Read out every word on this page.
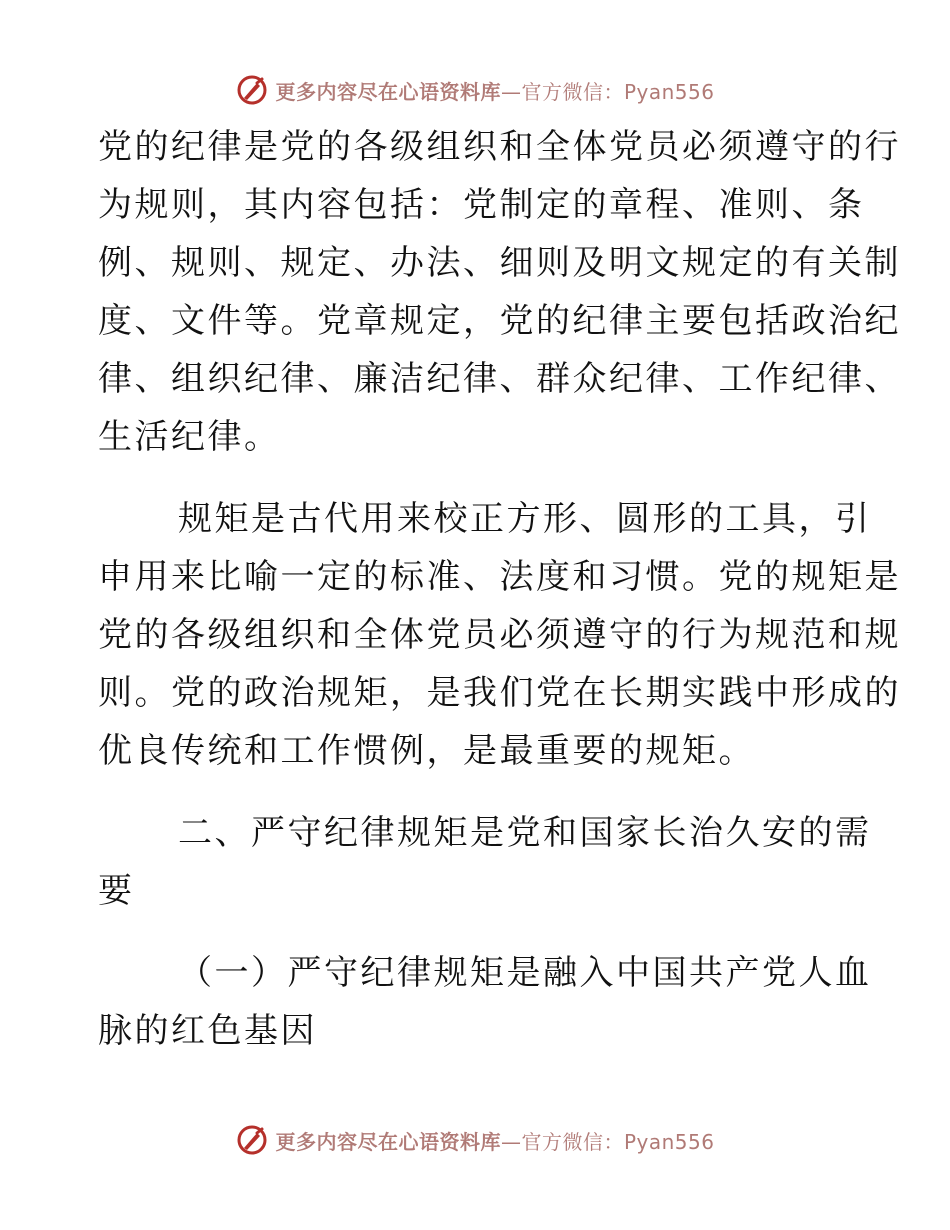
更多内容尽在心语资料库—官方微信：Pyan556
党的纪律是党的各级组织和全体党员必须遵守的行
为规则，其内容包括：党制定的章程、准则、条
例、规则、规定、办法、细则及明文规定的有关制
度、文件等。党章规定，党的纪律主要包括政治纪
律、组织纪律、廉洁纪律、群众纪律、工作纪律、
生活纪律。
规矩是古代用来校正方形、圆形的工具，引
申用来比喻一定的标准、法度和习惯。党的规矩是
党的各级组织和全体党员必须遵守的行为规范和规
则。党的政治规矩，是我们党在长期实践中形成的
优良传统和工作惯例，是最重要的规矩。
二、严守纪律规矩是党和国家长治久安的需
要
（一）严守纪律规矩是融入中国共产党人血
脉的红色基因
更多内容尽在心语资料库—官方微信：Pyan556
